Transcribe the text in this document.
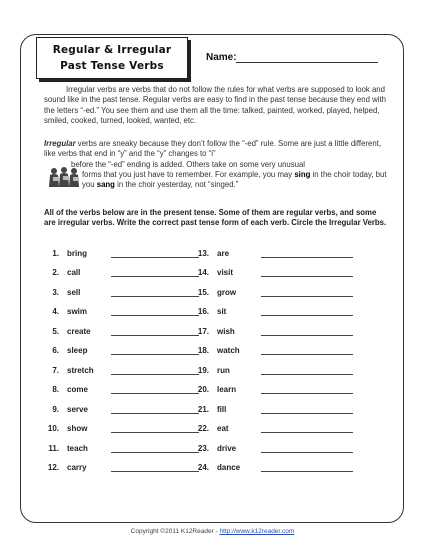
Regular & Irregular
Past Tense Verbs
Name:

Irregular verbs are verbs that do not follow the rules for what verbs are supposed to look and sound like in the past tense. Regular verbs are easy to find in the past tense because they end with the letters “-ed.” You see them and use them all the time: talked, painted, worked, played, helped, smiled, cooked, turned, looked, wanted, etc.

Irregular verbs are sneaky because they don’t follow the “-ed” rule. Some are just a little different, like verbs that end in “y” and the “y” changes to “i”

before the “-ed” ending is added. Others take on some very unusual

forms that you just have to remember. For example, you may sing in the choir today, but you sang in the choir yesterday, not “singed.”

All of the verbs below are in the present tense. Some of them are regular verbs, and some are irregular verbs. Write the correct past tense form of each verb. Circle the Irregular Verbs.

1. bring
2. call
3. sell
4. swim
5. create
6. sleep
7. stretch
8. come
9. serve
10. show
11. teach
12. carry
13. are
14. visit
15. grow
16. sit
17. wish
18. watch
19. run
20. learn
21. fill
22. eat
23. drive
24. dance
Copyright ©2011 K12Reader - http://www.k12reader.com
